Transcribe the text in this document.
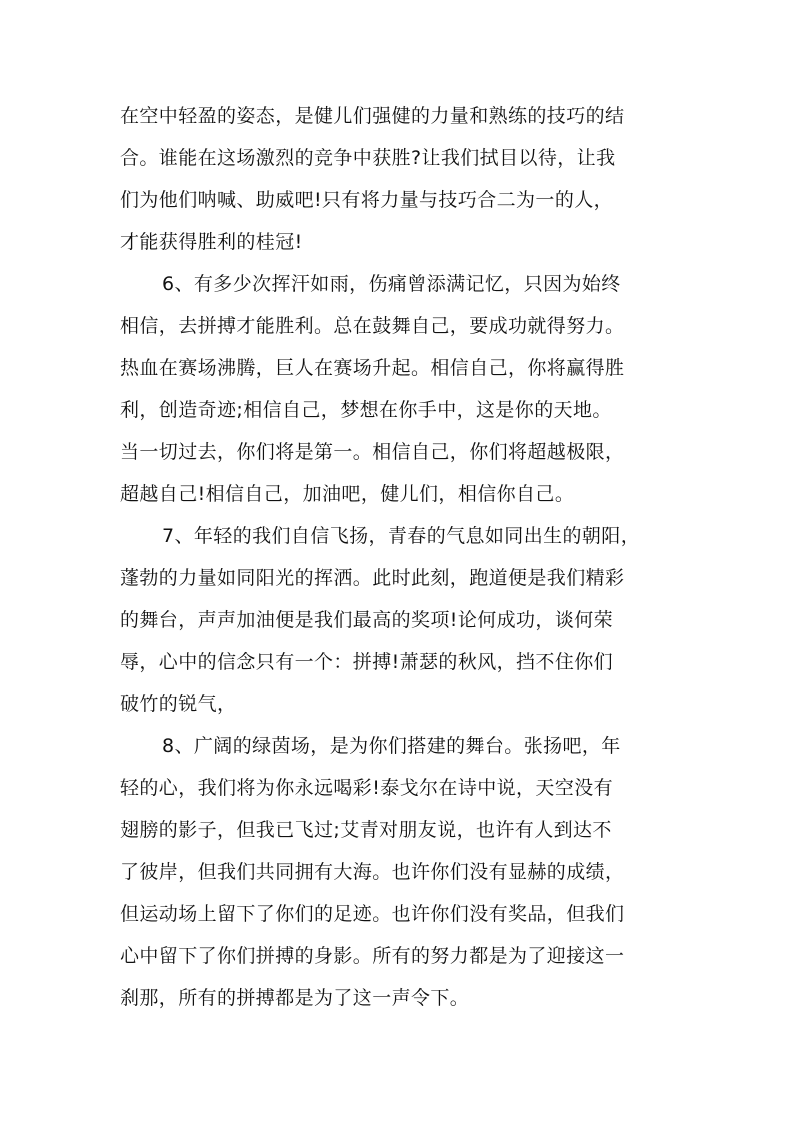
在空中轻盈的姿态，是健儿们强健的力量和熟练的技巧的结
合。谁能在这场激烈的竞争中获胜?让我们拭目以待，让我
们为他们呐喊、助威吧!只有将力量与技巧合二为一的人，
才能获得胜利的桂冠!
6、有多少次挥汗如雨，伤痛曾添满记忆，只因为始终
相信，去拼搏才能胜利。总在鼓舞自己，要成功就得努力。
热血在赛场沸腾，巨人在赛场升起。相信自己，你将赢得胜
利，创造奇迹;相信自己，梦想在你手中，这是你的天地。
当一切过去，你们将是第一。相信自己，你们将超越极限，
超越自己!相信自己，加油吧，健儿们，相信你自己。
7、年轻的我们自信飞扬，青春的气息如同出生的朝阳，
蓬勃的力量如同阳光的挥洒。此时此刻，跑道便是我们精彩
的舞台，声声加油便是我们最高的奖项!论何成功，谈何荣
辱，心中的信念只有一个：拼搏!萧瑟的秋风，挡不住你们
破竹的锐气，
8、广阔的绿茵场，是为你们搭建的舞台。张扬吧，年
轻的心，我们将为你永远喝彩!泰戈尔在诗中说，天空没有
翅膀的影子，但我已飞过;艾青对朋友说，也许有人到达不
了彼岸，但我们共同拥有大海。也许你们没有显赫的成绩，
但运动场上留下了你们的足迹。也许你们没有奖品，但我们
心中留下了你们拼搏的身影。所有的努力都是为了迎接这一
刹那，所有的拼搏都是为了这一声令下。
